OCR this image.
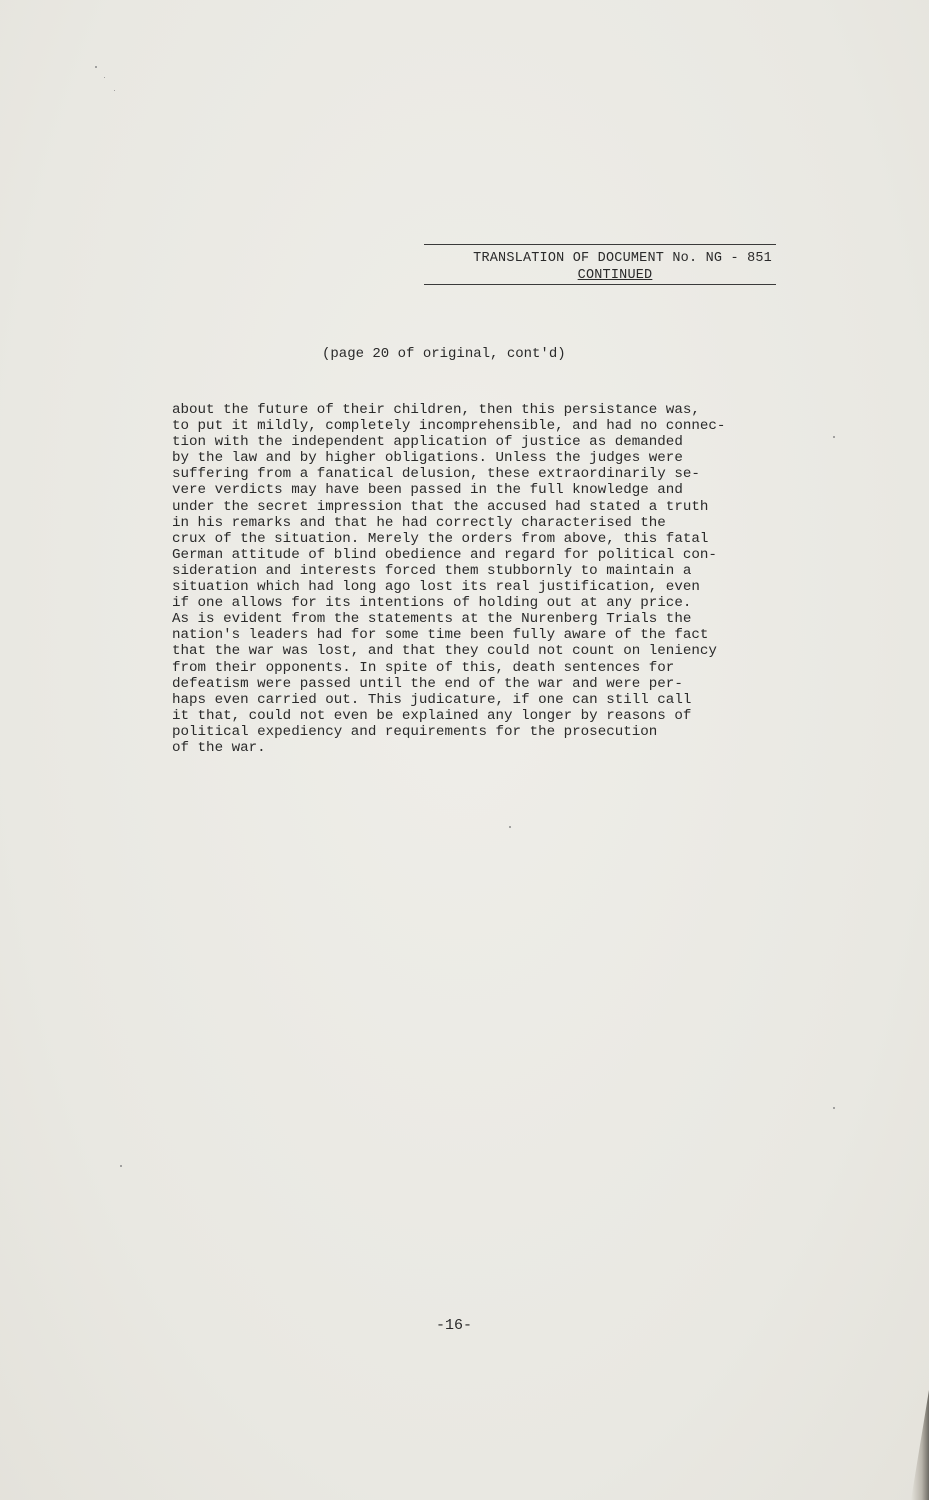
TRANSLATION OF DOCUMENT No. NG - 851
CONTINUED
(page 20 of original, cont'd)
about the future of their children, then this persistance was,
to put it mildly, completely incomprehensible, and had no connec-
tion with the independent application of justice as demanded
by the law and by higher obligations. Unless the judges were
suffering from a fanatical delusion, these extraordinarily se-
vere verdicts may have been passed in the full knowledge and
under the secret impression that the accused had stated a truth
in his remarks and that he had correctly characterised the
crux of the situation. Merely the orders from above, this fatal
German attitude of blind obedience and regard for political con-
sideration and interests forced them stubbornly to maintain a
situation which had long ago lost its real justification, even
if one allows for its intentions of holding out at any price.
As is evident from the statements at the Nurenberg Trials the
nation's leaders had for some time been fully aware of the fact
that the war was lost, and that they could not count on leniency
from their opponents. In spite of this, death sentences for
defeatism were passed until the end of the war and were per-
haps even carried out. This judicature, if one can still call
it that, could not even be explained any longer by reasons of
political expediency and requirements for the prosecution
of the war.
-16-
